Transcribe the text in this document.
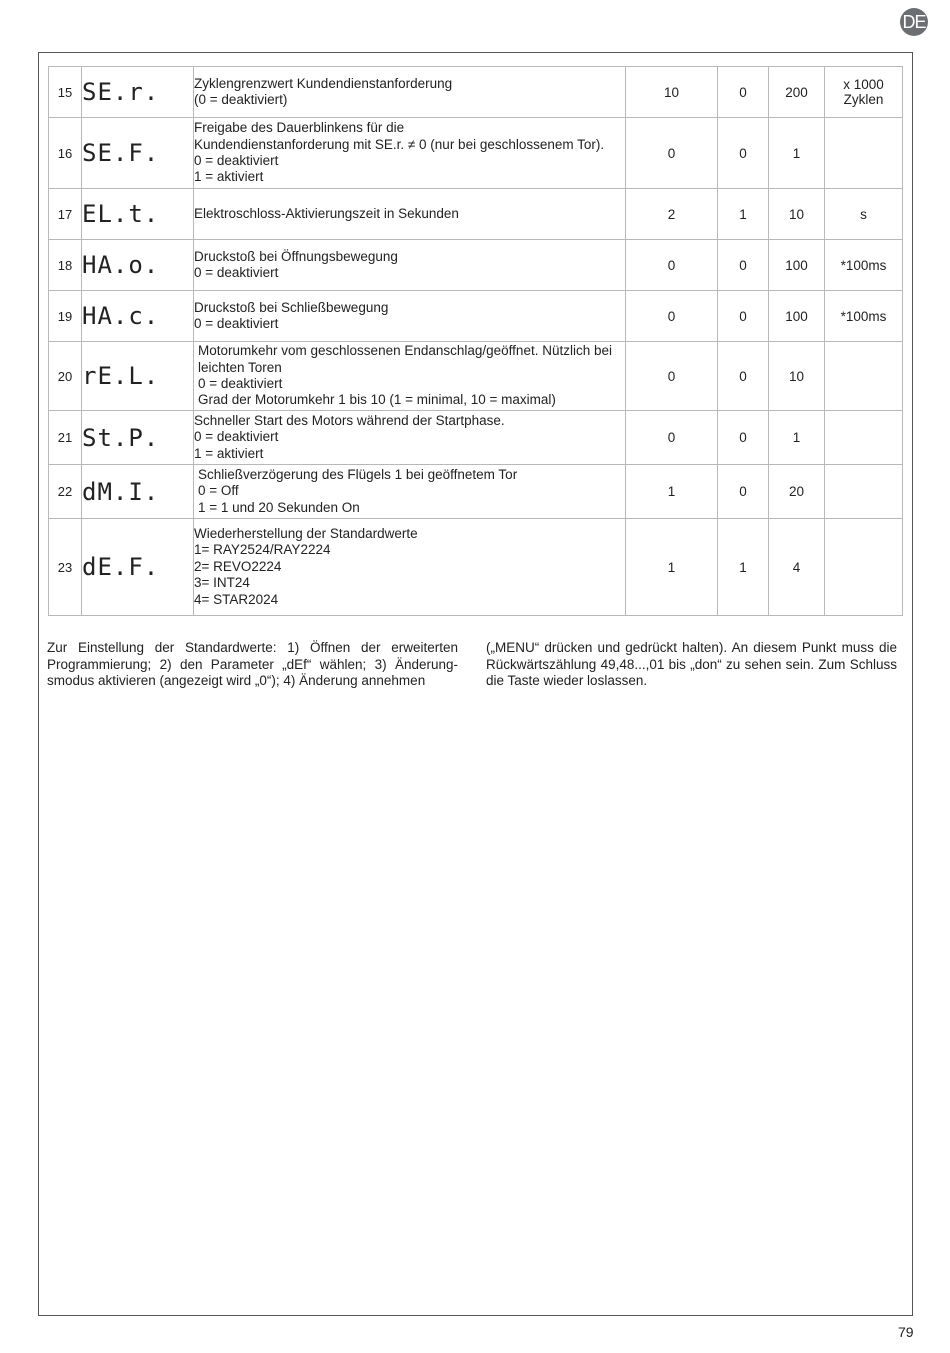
DE
15	SE.r.	Zyklengrenzwert Kundendienstanforderung
(0 = deaktiviert)	10	0	200	x 1000
Zyklen

16	SE.F.	Freigabe des Dauerblinkens für die
Kundendienstanforderung mit SE.r. ≠ 0 (nur bei geschlossenem Tor).
0 = deaktiviert
1 = aktiviert	0	0	1	
17	EL.t.	Elektroschloss-Aktivierungszeit in Sekunden	2	1	10	s

18	HA.o.	Druckstoß bei Öffnungsbewegung
0 = deaktiviert	0	0	100	*100ms

19	HA.c.	Druckstoß bei Schließbewegung
0 = deaktiviert	0	0	100	*100ms

20	rE.L.	Motorumkehr vom geschlossenen Endanschlag/geöffnet. Nützlich bei
leichten Toren
0 = deaktiviert
Grad der Motorumkehr 1 bis 10 (1 = minimal, 10 = maximal)	0	0	10	
21	St.P.	Schneller Start des Motors während der Startphase.
0 = deaktiviert
1 = aktiviert	0	0	1	
22	dM.I.	Schließverzögerung des Flügels 1 bei geöffnetem Tor
0 = Off
1 = 1 und 20 Sekunden On	1	0	20	
23	dE.F.	Wiederherstellung der Standardwerte
1= RAY2524/RAY2224
2= REVO2224
3= INT24
4= STAR2024	1	1	4	
Zur Einstellung der Standardwerte: 1) Öffnen der erweiterten Programmierung; 2) den Parameter „dEf“ wählen; 3) Änderungsmodus aktivieren (angezeigt wird „0“); 4) Änderung annehmen
(„MENU“ drücken und gedrückt halten). An diesem Punkt muss die Rückwärtszählung 49,48...,01 bis „don“ zu sehen sein. Zum Schluss die Taste wieder loslassen.
79
